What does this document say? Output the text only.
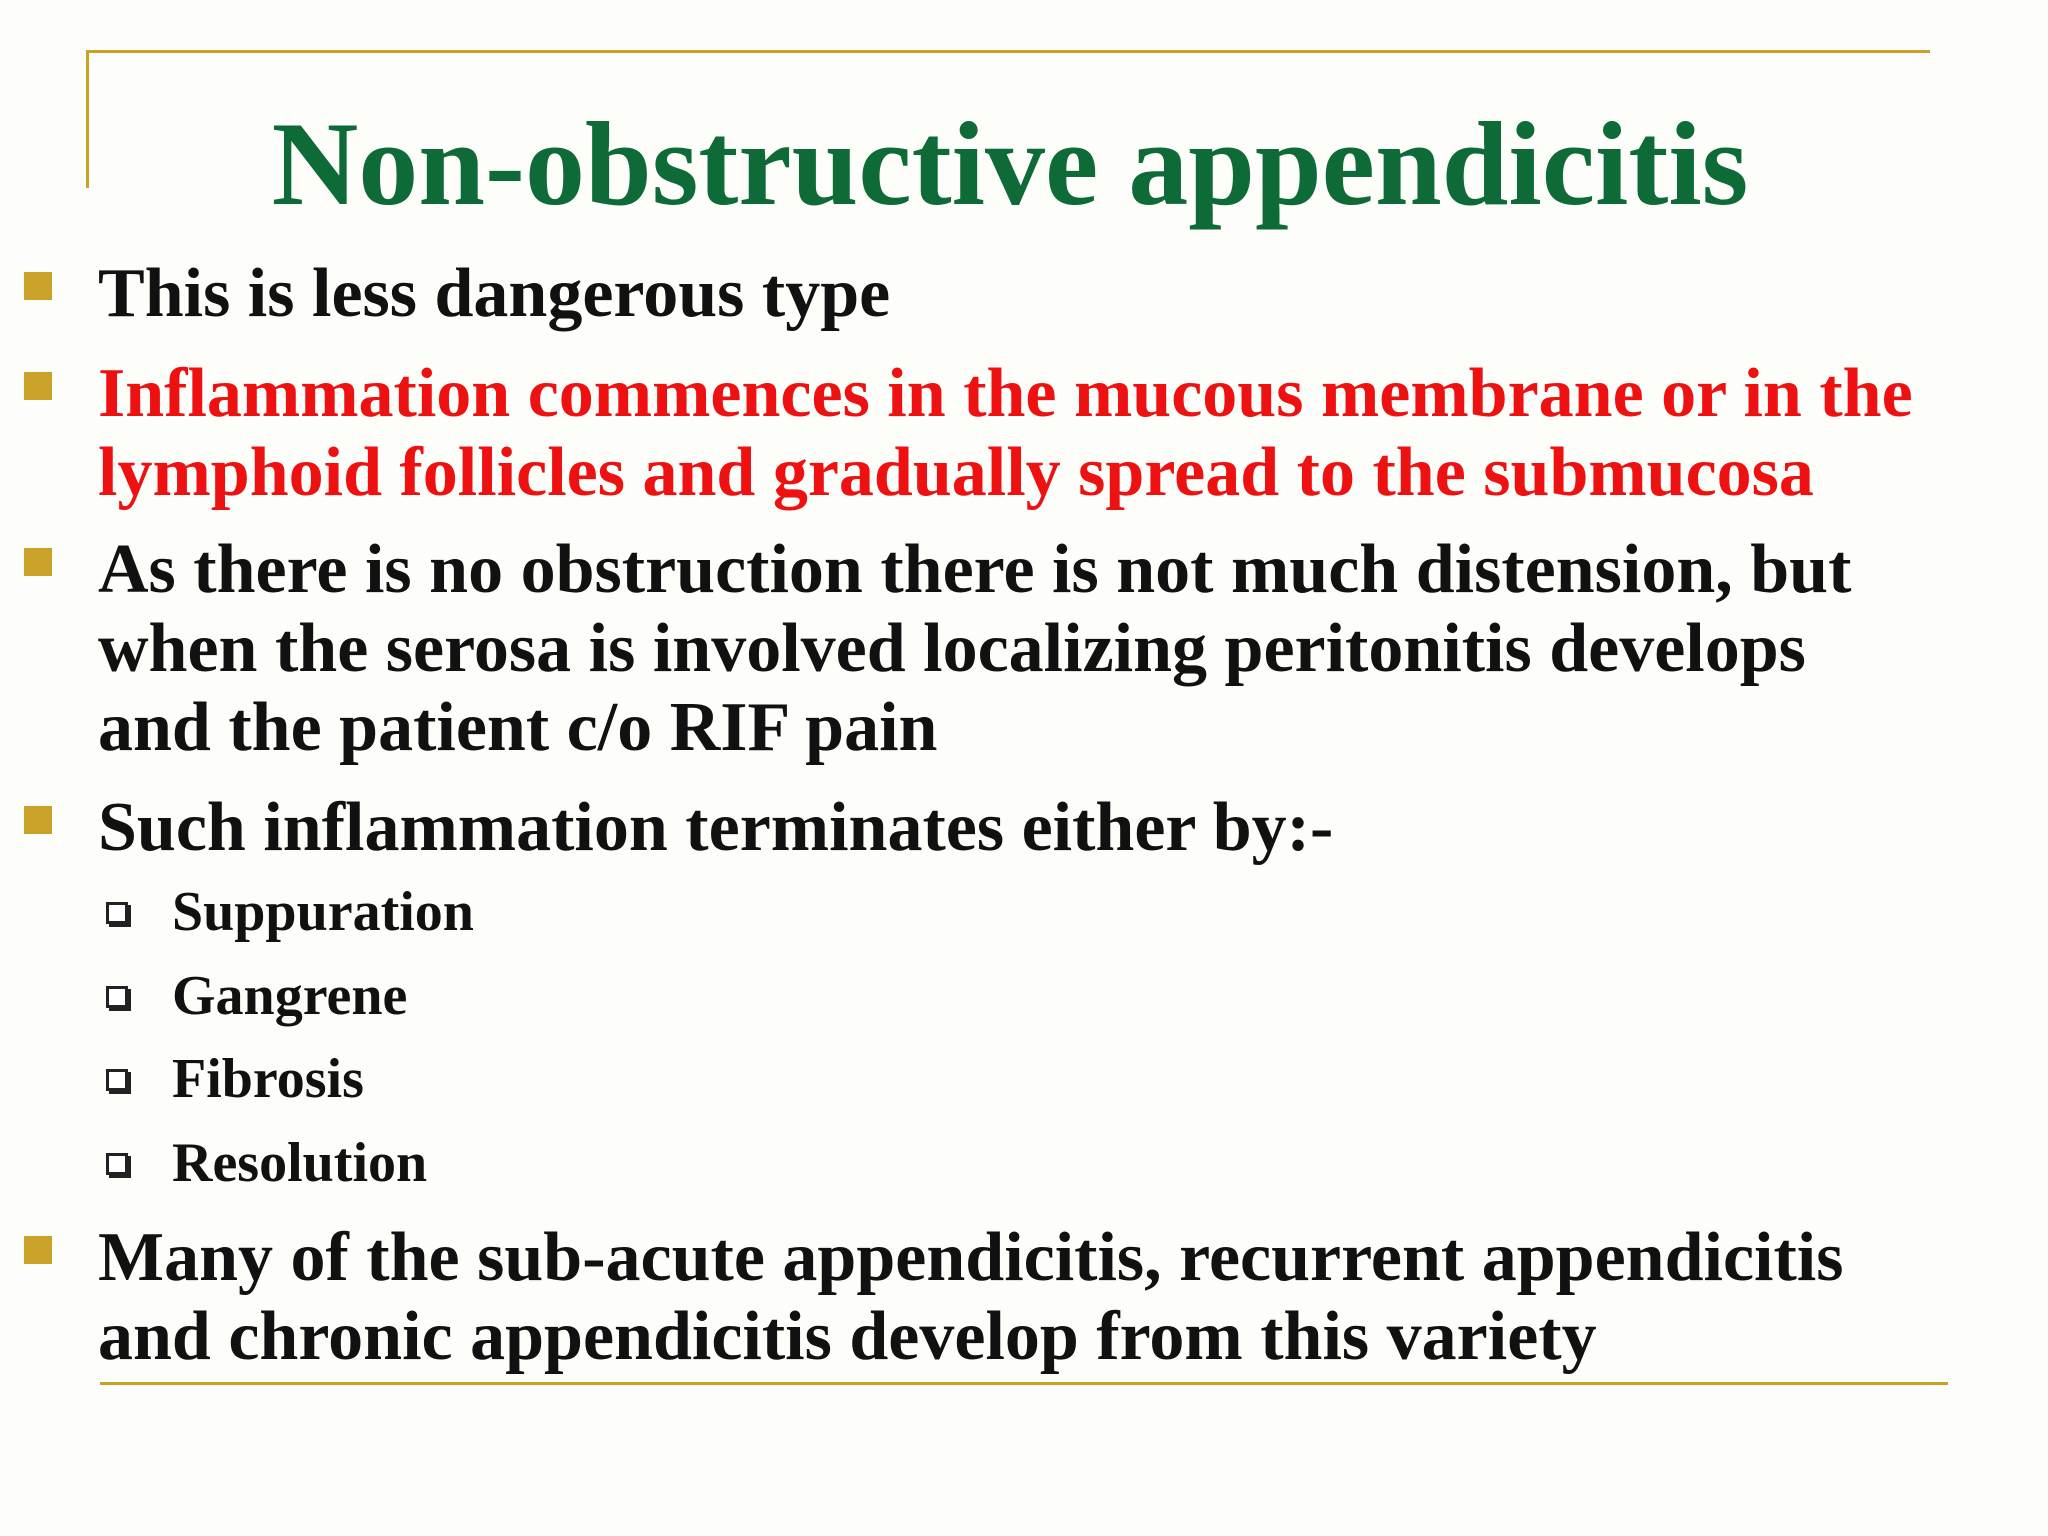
Non-obstructive appendicitis
This is less dangerous type
Inflammation commences in the mucous membrane or in the
lymphoid follicles and gradually spread to the submucosa
As there is no obstruction there is not much distension, but
when the serosa is involved localizing peritonitis develops
and the patient c/o RIF pain
Such inflammation terminates either by:-
Suppuration
Gangrene
Fibrosis
Resolution
Many of the sub-acute appendicitis, recurrent appendicitis
and chronic appendicitis develop from this variety
